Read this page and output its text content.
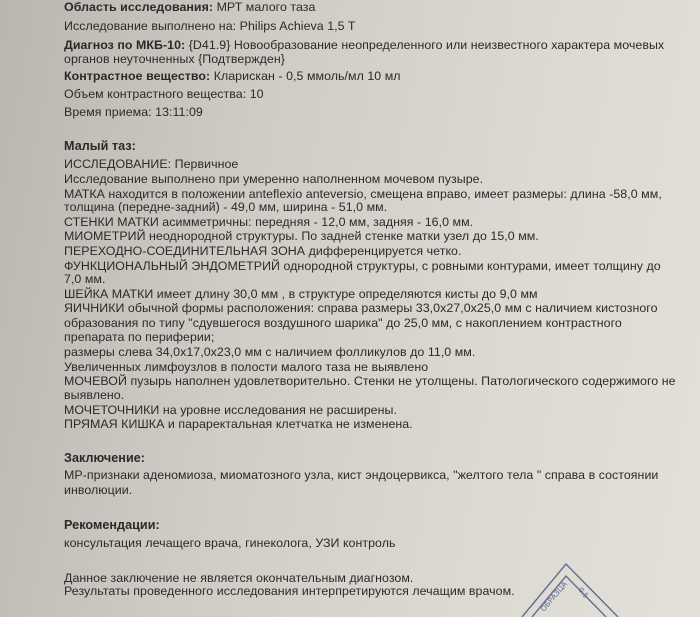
Область исследования: МРТ малого таза
Исследование выполнено на: Philips Achieva 1,5 T
Диагноз по МКБ-10: {D41.9} Новообразование неопределенного или неизвестного характера мочевых
органов неуточненных {Подтвержден}
Контрастное вещество: Кларискан - 0,5 ммоль/мл 10 мл
Объем контрастного вещества: 10
Время приема: 13:11:09
Малый таз:
ИССЛЕДОВАНИЕ: Первичное
Исследование выполнено при умеренно наполненном мочевом пузыре.
МАТКА находится в положении anteflexio anteversio, смещена вправо, имеет размеры: длина -58,0 мм,
толщина (передне-задний) - 49,0 мм, ширина - 51,0 мм.
СТЕНКИ МАТКИ асимметричны: передняя - 12,0 мм, задняя - 16,0 мм.
МИОМЕТРИЙ неоднородной структуры. По задней стенке матки узел до 15,0 мм.
ПЕРЕХОДНО-СОЕДИНИТЕЛЬНАЯ ЗОНА дифференцируется четко.
ФУНКЦИОНАЛЬНЫЙ ЭНДОМЕТРИЙ однородной структуры, с ровными контурами, имеет толщину до
7,0 мм.
ШЕЙКА МАТКИ имеет длину 30,0 мм , в структуре определяются кисты до 9,0 мм
ЯИЧНИКИ обычной формы расположения: справа размеры 33,0x27,0x25,0 мм с наличием кистозного
образования по типу "сдувшегося воздушного шарика" до 25,0 мм, с накоплением контрастного
препарата по периферии;
размеры слева 34,0x17,0x23,0 мм с наличием фолликулов до 11,0 мм.
Увеличенных лимфоузлов в полости малого таза не выявлено
МОЧЕВОЙ пузырь наполнен удовлетворительно. Стенки не утолщены. Патологического содержимого не
выявлено.
МОЧЕТОЧНИКИ на уровне исследования не расширены.
ПРЯМАЯ КИШКА и параректальная клетчатка не изменена.
Заключение:
МР-признаки аденомиоза, миоматозного узла, кист эндоцервикса, "желтого тела " справа в состоянии
инволюции.
Рекомендации:
консультация лечащего врача, гинеколога, УЗИ контроль
Данное заключение не является окончательным диагнозом.
Результаты проведенного исследования интерпретируются лечащим врачом.	ОБРАЗЦА 0.5
